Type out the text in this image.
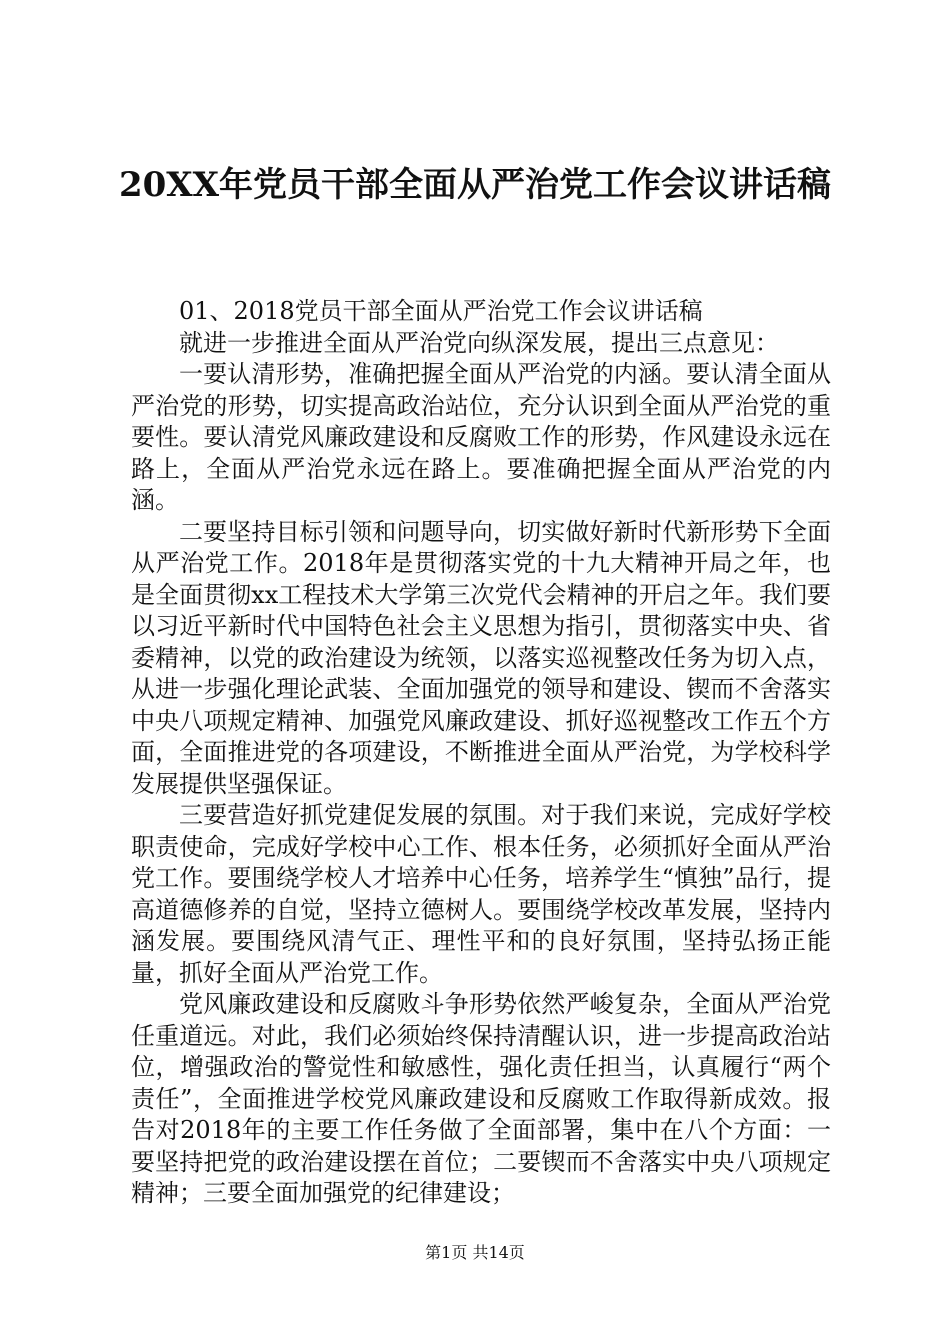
20XX年党员干部全面从严治党工作会议讲话稿

01、2018党员干部全面从严治党工作会议讲话稿

就进一步推进全面从严治党向纵深发展，提出三点意见：

一要认清形势，准确把握全面从严治党的内涵。要认清全面从严治党的形势，切实提高政治站位，充分认识到全面从严治党的重要性。要认清党风廉政建设和反腐败工作的形势，作风建设永远在路上，全面从严治党永远在路上。要准确把握全面从严治党的内涵。

二要坚持目标引领和问题导向，切实做好新时代新形势下全面从严治党工作。2018年是贯彻落实党的十九大精神开局之年，也是全面贯彻xx工程技术大学第三次党代会精神的开启之年。我们要以习近平新时代中国特色社会主义思想为指引，贯彻落实中央、省委精神，以党的政治建设为统领，以落实巡视整改任务为切入点，从进一步强化理论武装、全面加强党的领导和建设、锲而不舍落实中央八项规定精神、加强党风廉政建设、抓好巡视整改工作五个方面，全面推进党的各项建设，不断推进全面从严治党，为学校科学发展提供坚强保证。

三要营造好抓党建促发展的氛围。对于我们来说，完成好学校职责使命，完成好学校中心工作、根本任务，必须抓好全面从严治党工作。要围绕学校人才培养中心任务，培养学生“慎独”品行，提高道德修养的自觉，坚持立德树人。要围绕学校改革发展，坚持内涵发展。要围绕风清气正、理性平和的良好氛围，坚持弘扬正能量，抓好全面从严治党工作。

党风廉政建设和反腐败斗争形势依然严峻复杂，全面从严治党任重道远。对此，我们必须始终保持清醒认识，进一步提高政治站位，增强政治的警觉性和敏感性，强化责任担当，认真履行“两个责任”，全面推进学校党风廉政建设和反腐败工作取得新成效。报告对2018年的主要工作任务做了全面部署，集中在八个方面：一要坚持把党的政治建设摆在首位；二要锲而不舍落实中央八项规定精神；三要全面加强党的纪律建设；

第1页 共14页
